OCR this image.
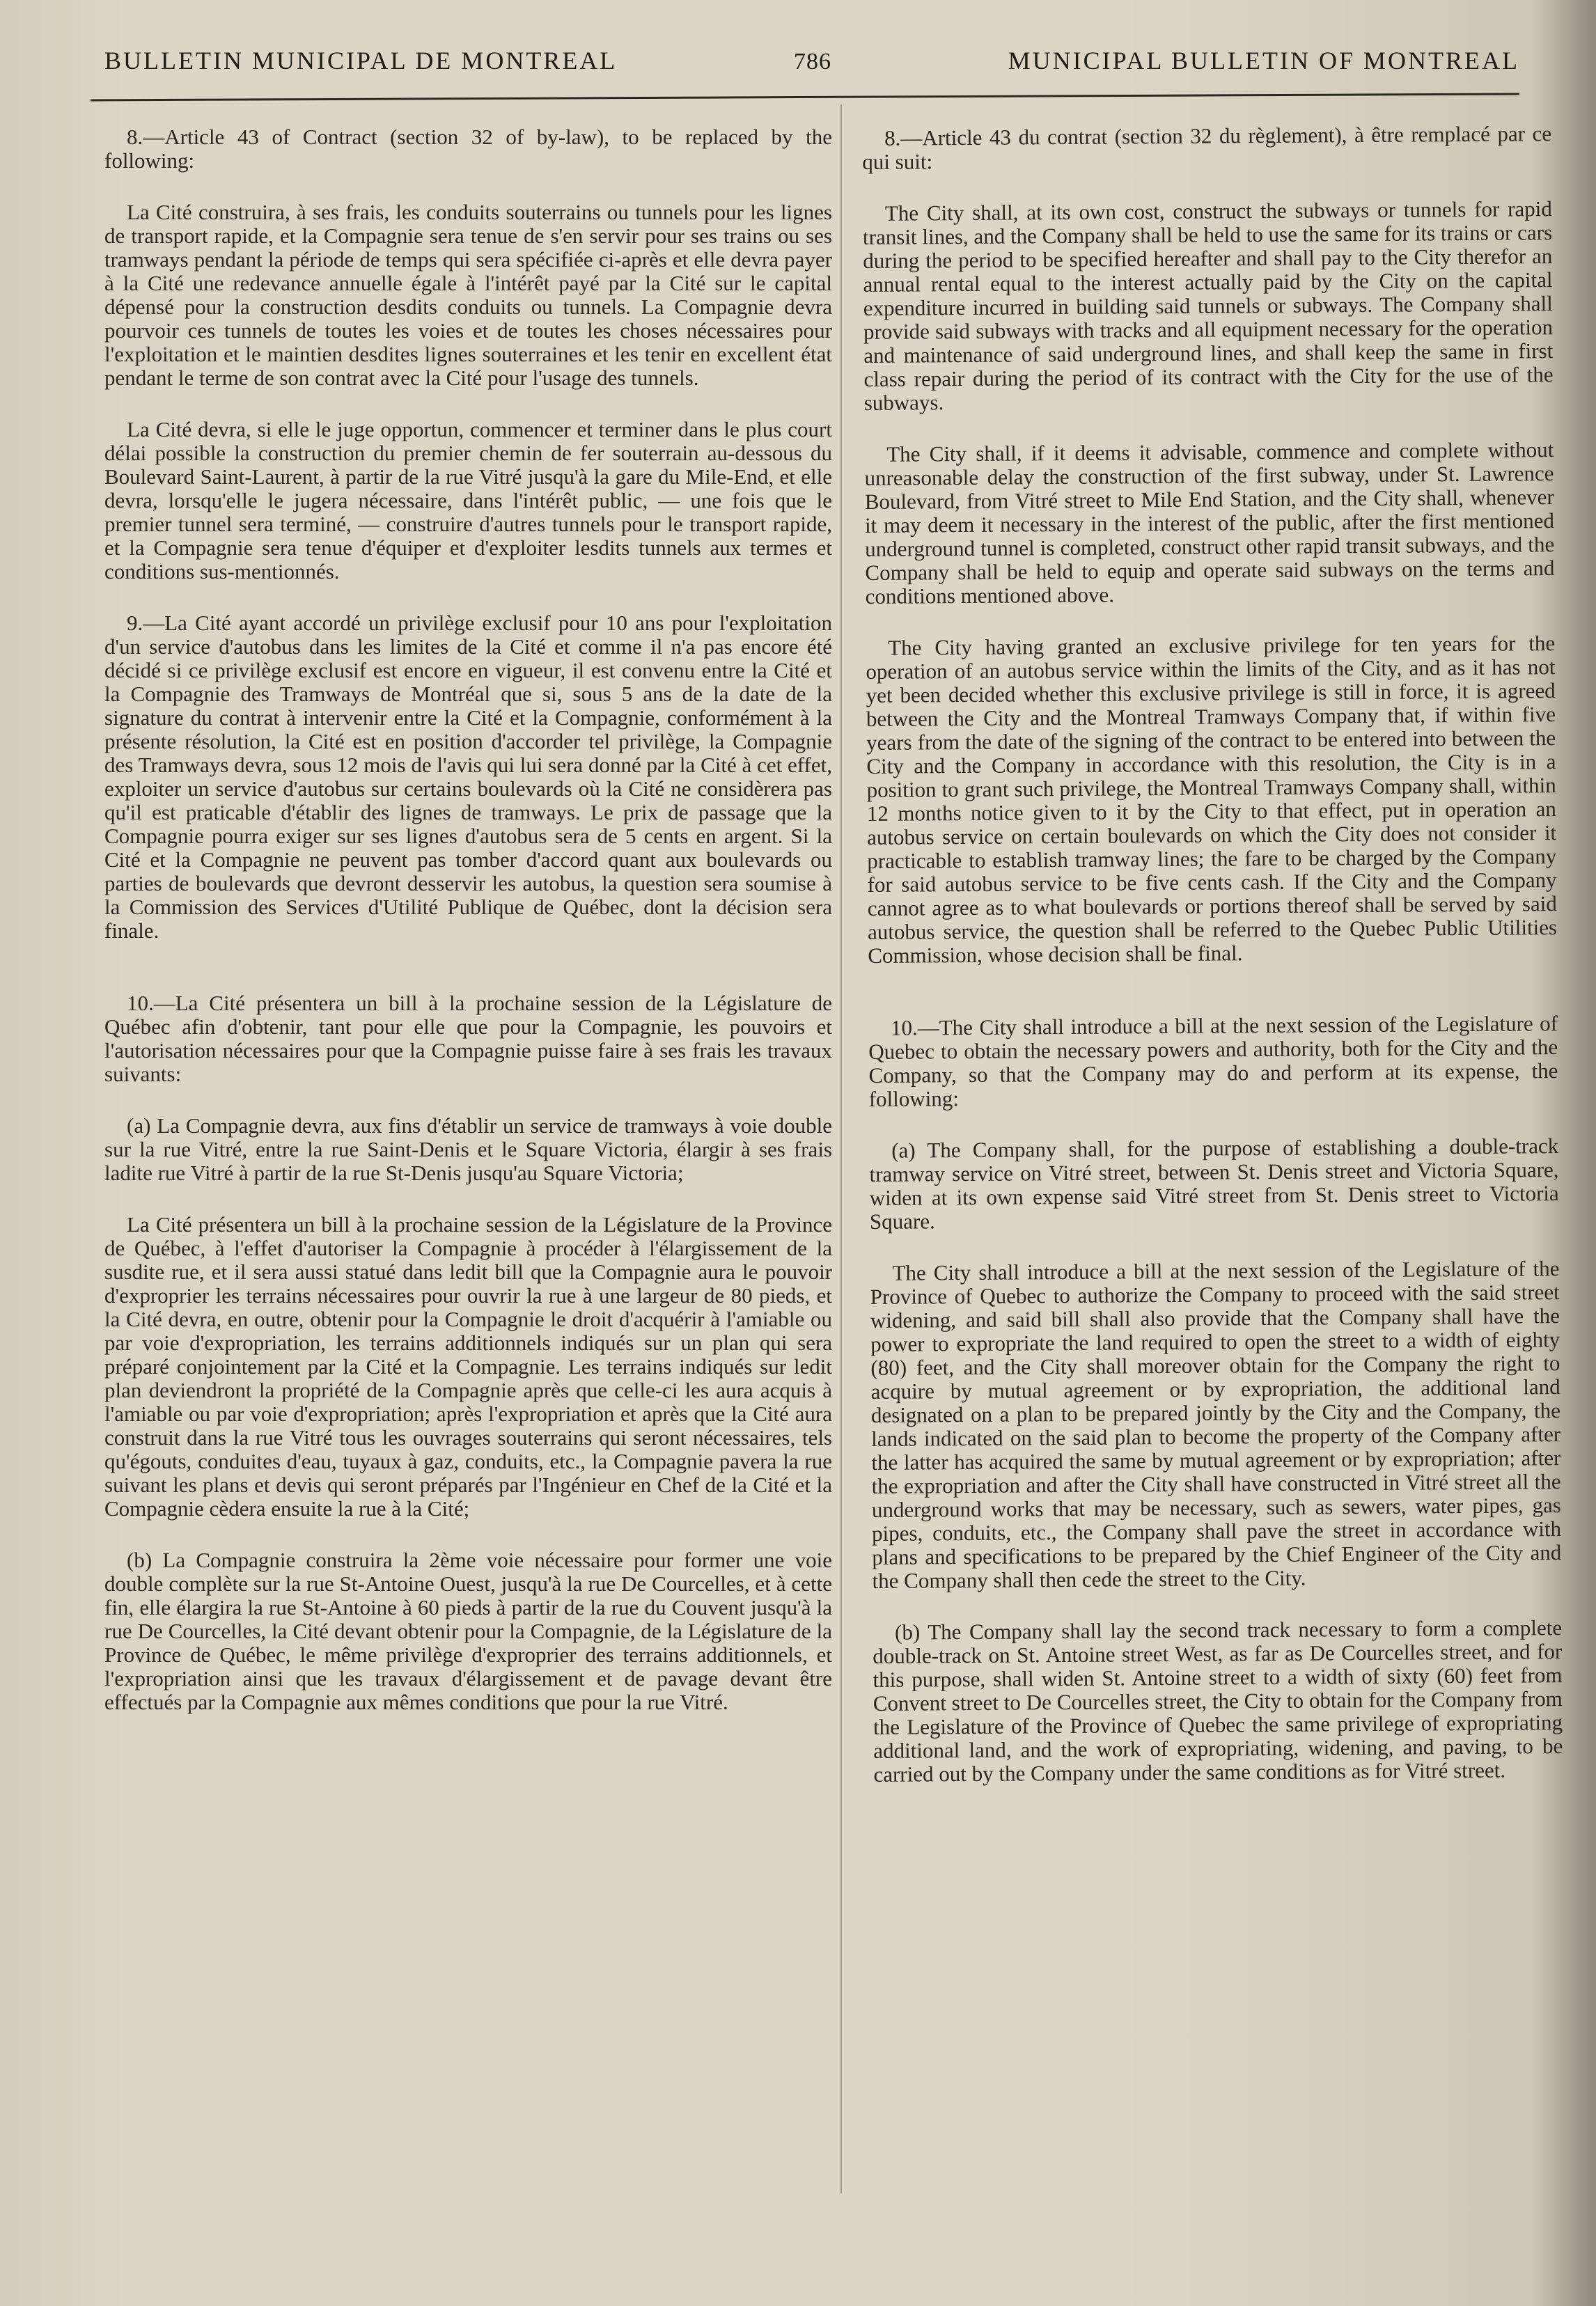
BULLETIN MUNICIPAL DE MONTREAL	786	MUNICIPAL BULLETIN OF MONTREAL

8.—Article 43 of Contract (section 32 of by-law), to be replaced by the following:

La Cité construira, à ses frais, les conduits souterrains ou tunnels pour les lignes de transport rapide, et la Compagnie sera tenue de s'en servir pour ses trains ou ses tramways pendant la période de temps qui sera spécifiée ci-après et elle devra payer à la Cité une redevance annuelle égale à l'intérêt payé par la Cité sur le capital dépensé pour la construction desdits conduits ou tunnels. La Compagnie devra pourvoir ces tunnels de toutes les voies et de toutes les choses nécessaires pour l'exploitation et le maintien desdites lignes souterraines et les tenir en excellent état pendant le terme de son contrat avec la Cité pour l'usage des tunnels.

La Cité devra, si elle le juge opportun, commencer et terminer dans le plus court délai possible la construction du premier chemin de fer souterrain au-dessous du Boulevard Saint-Laurent, à partir de la rue Vitré jusqu'à la gare du Mile-End, et elle devra, lorsqu'elle le jugera nécessaire, dans l'intérêt public, — une fois que le premier tunnel sera terminé, — construire d'autres tunnels pour le transport rapide, et la Compagnie sera tenue d'équiper et d'exploiter lesdits tunnels aux termes et conditions sus-mentionnés.

9.—La Cité ayant accordé un privilège exclusif pour 10 ans pour l'exploitation d'un service d'autobus dans les limites de la Cité et comme il n'a pas encore été décidé si ce privilège exclusif est encore en vigueur, il est convenu entre la Cité et la Compagnie des Tramways de Montréal que si, sous 5 ans de la date de la signature du contrat à intervenir entre la Cité et la Compagnie, conformément à la présente résolution, la Cité est en position d'accorder tel privilège, la Compagnie des Tramways devra, sous 12 mois de l'avis qui lui sera donné par la Cité à cet effet, exploiter un service d'autobus sur certains boulevards où la Cité ne considèrera pas qu'il est praticable d'établir des lignes de tramways. Le prix de passage que la Compagnie pourra exiger sur ses lignes d'autobus sera de 5 cents en argent. Si la Cité et la Compagnie ne peuvent pas tomber d'accord quant aux boulevards ou parties de boulevards que devront desservir les autobus, la question sera soumise à la Commission des Services d'Utilité Publique de Québec, dont la décision sera finale.

10.—La Cité présentera un bill à la prochaine session de la Législature de Québec afin d'obtenir, tant pour elle que pour la Compagnie, les pouvoirs et l'autorisation nécessaires pour que la Compagnie puisse faire à ses frais les travaux suivants:

(a) La Compagnie devra, aux fins d'établir un service de tramways à voie double sur la rue Vitré, entre la rue Saint-Denis et le Square Victoria, élargir à ses frais ladite rue Vitré à partir de la rue St-Denis jusqu'au Square Victoria;

La Cité présentera un bill à la prochaine session de la Législature de la Province de Québec, à l'effet d'autoriser la Compagnie à procéder à l'élargissement de la susdite rue, et il sera aussi statué dans ledit bill que la Compagnie aura le pouvoir d'exproprier les terrains nécessaires pour ouvrir la rue à une largeur de 80 pieds, et la Cité devra, en outre, obtenir pour la Compagnie le droit d'acquérir à l'amiable ou par voie d'expropriation, les terrains additionnels indiqués sur un plan qui sera préparé conjointement par la Cité et la Compagnie. Les terrains indiqués sur ledit plan deviendront la propriété de la Compagnie après que celle-ci les aura acquis à l'amiable ou par voie d'expropriation; après l'expropriation et après que la Cité aura construit dans la rue Vitré tous les ouvrages souterrains qui seront nécessaires, tels qu'égouts, conduites d'eau, tuyaux à gaz, conduits, etc., la Compagnie pavera la rue suivant les plans et devis qui seront préparés par l'Ingénieur en Chef de la Cité et la Compagnie cèdera ensuite la rue à la Cité;

(b) La Compagnie construira la 2ème voie nécessaire pour former une voie double complète sur la rue St-Antoine Ouest, jusqu'à la rue De Courcelles, et à cette fin, elle élargira la rue St-Antoine à 60 pieds à partir de la rue du Couvent jusqu'à la rue De Courcelles, la Cité devant obtenir pour la Compagnie, de la Législature de la Province de Québec, le même privilège d'exproprier des terrains additionnels, et l'expropriation ainsi que les travaux d'élargissement et de pavage devant être effectués par la Compagnie aux mêmes conditions que pour la rue Vitré.

8.—Article 43 du contrat (section 32 du règlement), à être remplacé par ce qui suit:

The City shall, at its own cost, construct the subways or tunnels for rapid transit lines, and the Company shall be held to use the same for its trains or cars during the period to be specified hereafter and shall pay to the City therefor an annual rental equal to the interest actually paid by the City on the capital expenditure incurred in building said tunnels or subways. The Company shall provide said subways with tracks and all equipment necessary for the operation and maintenance of said underground lines, and shall keep the same in first class repair during the period of its contract with the City for the use of the subways.

The City shall, if it deems it advisable, commence and complete without unreasonable delay the construction of the first subway, under St. Lawrence Boulevard, from Vitré street to Mile End Station, and the City shall, whenever it may deem it necessary in the interest of the public, after the first mentioned underground tunnel is completed, construct other rapid transit subways, and the Company shall be held to equip and operate said subways on the terms and conditions mentioned above.

The City having granted an exclusive privilege for ten years for the operation of an autobus service within the limits of the City, and as it has not yet been decided whether this exclusive privilege is still in force, it is agreed between the City and the Montreal Tramways Company that, if within five years from the date of the signing of the contract to be entered into between the City and the Company in accordance with this resolution, the City is in a position to grant such privilege, the Montreal Tramways Company shall, within 12 months notice given to it by the City to that effect, put in operation an autobus service on certain boulevards on which the City does not consider it practicable to establish tramway lines; the fare to be charged by the Company for said autobus service to be five cents cash. If the City and the Company cannot agree as to what boulevards or portions thereof shall be served by said autobus service, the question shall be referred to the Quebec Public Utilities Commission, whose decision shall be final.

10.—The City shall introduce a bill at the next session of the Legislature of Quebec to obtain the necessary powers and authority, both for the City and the Company, so that the Company may do and perform at its expense, the following:

(a) The Company shall, for the purpose of establishing a double-track tramway service on Vitré street, between St. Denis street and Victoria Square, widen at its own expense said Vitré street from St. Denis street to Victoria Square.

The City shall introduce a bill at the next session of the Legislature of the Province of Quebec to authorize the Company to proceed with the said street widening, and said bill shall also provide that the Company shall have the power to expropriate the land required to open the street to a width of eighty (80) feet, and the City shall moreover obtain for the Company the right to acquire by mutual agreement or by expropriation, the additional land designated on a plan to be prepared jointly by the City and the Company, the lands indicated on the said plan to become the property of the Company after the latter has acquired the same by mutual agreement or by expropriation; after the expropriation and after the City shall have constructed in Vitré street all the underground works that may be necessary, such as sewers, water pipes, gas pipes, conduits, etc., the Company shall pave the street in accordance with plans and specifications to be prepared by the Chief Engineer of the City and the Company shall then cede the street to the City.

(b) The Company shall lay the second track necessary to form a complete double-track on St. Antoine street West, as far as De Courcelles street, and for this purpose, shall widen St. Antoine street to a width of sixty (60) feet from Convent street to De Courcelles street, the City to obtain for the Company from the Legislature of the Province of Quebec the same privilege of expropriating additional land, and the work of expropriating, widening, and paving, to be carried out by the Company under the same conditions as for Vitré street.
